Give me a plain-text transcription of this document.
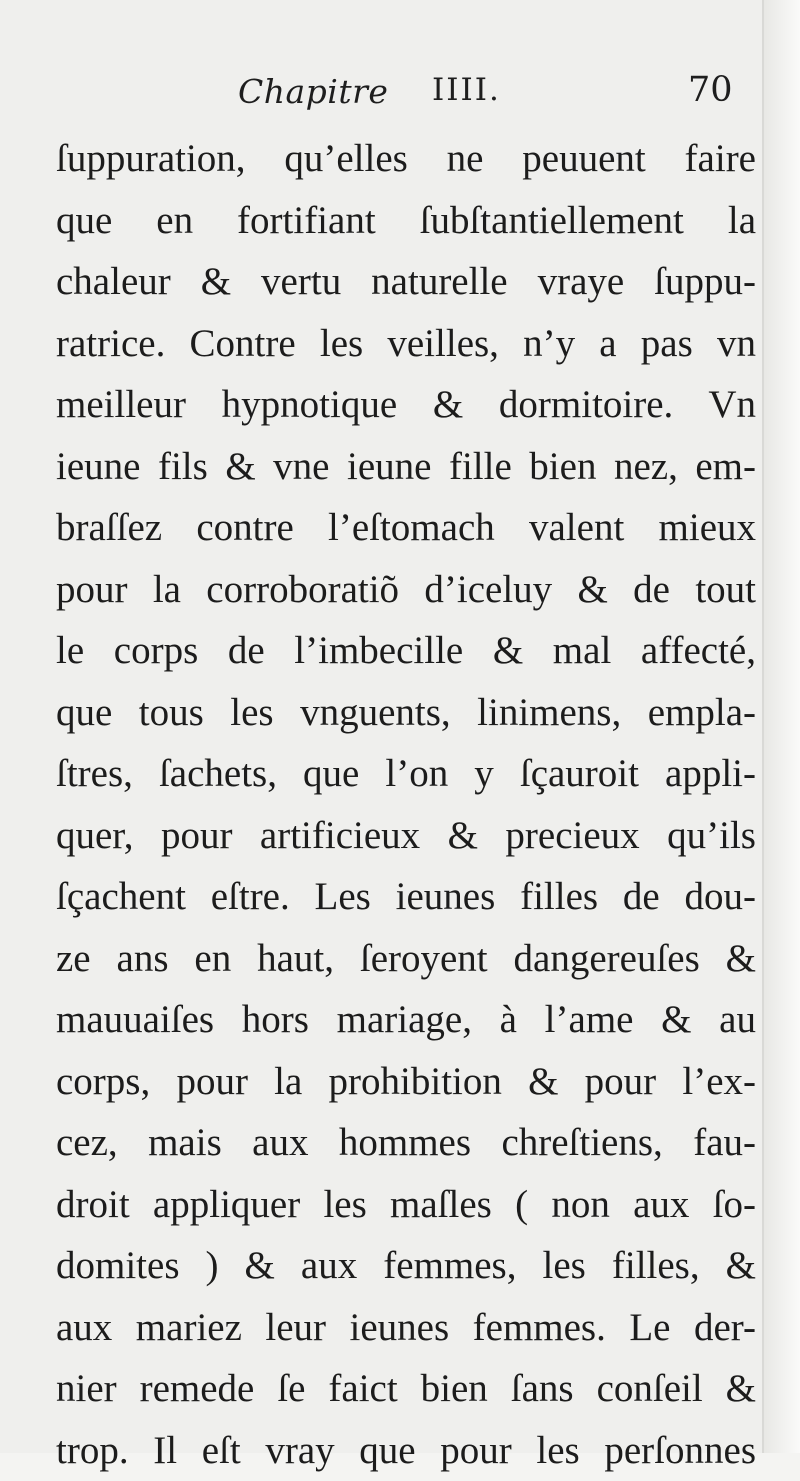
Chapitre IIII.	70
ſuppuration, qu’elles ne peuuent faire
que en fortifiant ſubſtantiellement la
chaleur & vertu naturelle vraye ſuppu-
ratrice. Contre les veilles, n’y a pas vn
meilleur hypnotique & dormitoire. Vn
ieune fils & vne ieune fille bien nez, em-
braſſez contre l’eſtomach valent mieux
pour la corroboratiõ d’iceluy & de tout
le corps de l’imbecille & mal affecté,
que tous les vnguents, linimens, empla-
ſtres, ſachets, que l’on y ſçauroit appli-
quer, pour artificieux & precieux qu’ils
ſçachent eſtre. Les ieunes filles de dou-
ze ans en haut, ſeroyent dangereuſes &
mauuaiſes hors mariage, à l’ame & au
corps, pour la prohibition & pour l’ex-
cez, mais aux hommes chreſtiens, fau-
droit appliquer les maſles ( non aux ſo-
domites ) & aux femmes, les filles, &
aux mariez leur ieunes femmes. Le der-
nier remede ſe faict bien ſans conſeil &
trop. Il eſt vray que pour les perſonnes
